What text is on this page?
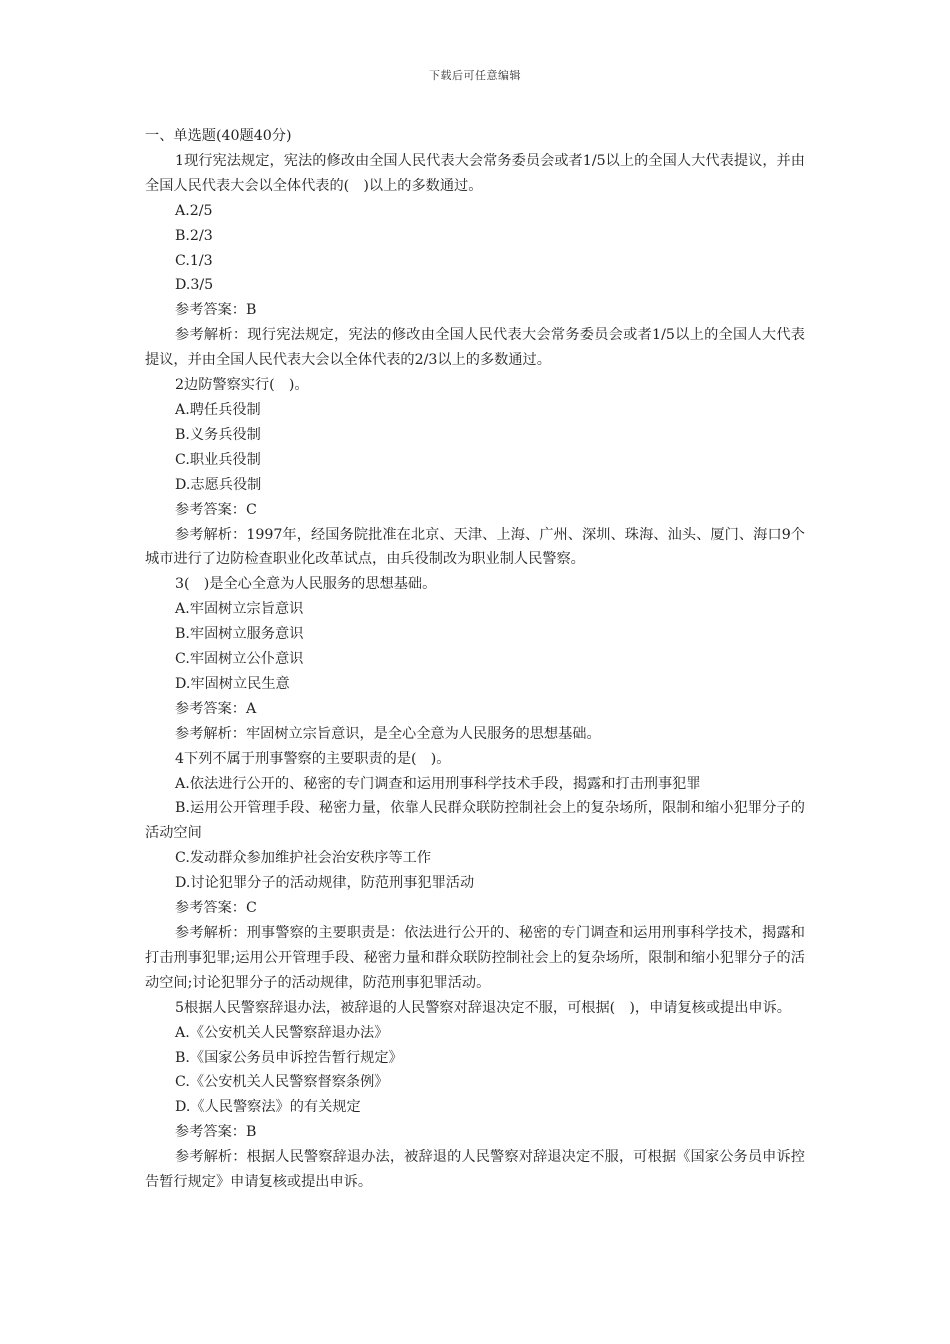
下载后可任意编辑

一、单选题(40题40分)

1现行宪法规定，宪法的修改由全国人民代表大会常务委员会或者1/5以上的全国人大代表提议，并由全国人民代表大会以全体代表的(　)以上的多数通过。

A.2/5

B.2/3

C.1/3

D.3/5

参考答案：B

参考解析：现行宪法规定，宪法的修改由全国人民代表大会常务委员会或者1/5以上的全国人大代表提议，并由全国人民代表大会以全体代表的2/3以上的多数通过。

2边防警察实行(　)。

A.聘任兵役制

B.义务兵役制

C.职业兵役制

D.志愿兵役制

参考答案：C

参考解析：1997年，经国务院批准在北京、天津、上海、广州、深圳、珠海、汕头、厦门、海口9个城市进行了边防检查职业化改革试点，由兵役制改为职业制人民警察。

3(　)是全心全意为人民服务的思想基础。

A.牢固树立宗旨意识

B.牢固树立服务意识

C.牢固树立公仆意识

D.牢固树立民生意

参考答案：A

参考解析：牢固树立宗旨意识，是全心全意为人民服务的思想基础。

4下列不属于刑事警察的主要职责的是(　)。

A.依法进行公开的、秘密的专门调查和运用刑事科学技术手段，揭露和打击刑事犯罪

B.运用公开管理手段、秘密力量，依靠人民群众联防控制社会上的复杂场所，限制和缩小犯罪分子的活动空间

C.发动群众参加维护社会治安秩序等工作

D.讨论犯罪分子的活动规律，防范刑事犯罪活动

参考答案：C

参考解析：刑事警察的主要职责是：依法进行公开的、秘密的专门调查和运用刑事科学技术，揭露和打击刑事犯罪;运用公开管理手段、秘密力量和群众联防控制社会上的复杂场所，限制和缩小犯罪分子的活动空间;讨论犯罪分子的活动规律，防范刑事犯罪活动。

5根据人民警察辞退办法，被辞退的人民警察对辞退决定不服，可根据(　)，申请复核或提出申诉。

A.《公安机关人民警察辞退办法》

B.《国家公务员申诉控告暂行规定》

C.《公安机关人民警察督察条例》

D.《人民警察法》的有关规定

参考答案：B

参考解析：根据人民警察辞退办法，被辞退的人民警察对辞退决定不服，可根据《国家公务员申诉控告暂行规定》申请复核或提出申诉。
